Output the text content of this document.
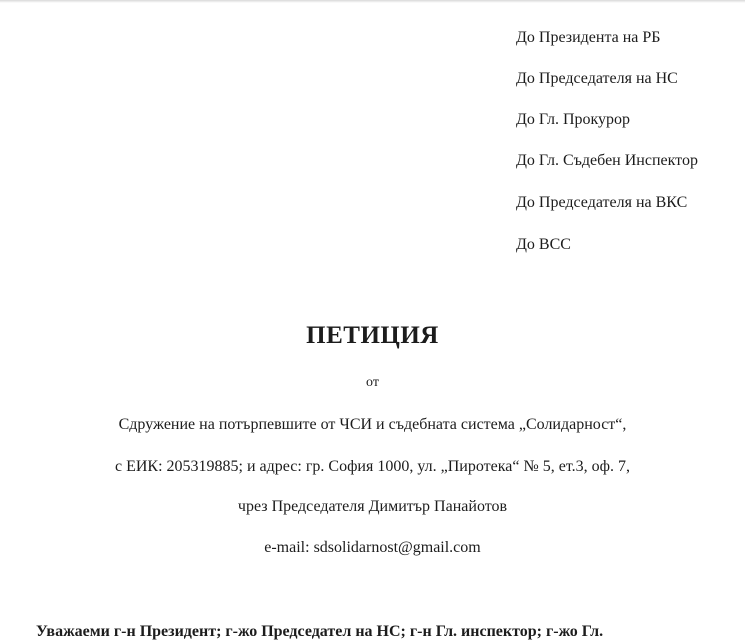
До Президента на РБ
До Председателя на НС
До Гл. Прокурор
До Гл. Съдебен Инспектор
До Председателя на ВКС
До ВСС
ПЕТИЦИЯ
от
Сдружение на потърпевшите от ЧСИ и съдебната система „Солидарност“,
с ЕИК: 205319885; и адрес: гр. София 1000, ул. „Пиротека“ № 5, ет.3, оф. 7,
чрез Председателя Димитър Панайотов
e-mail: sdsolidarnost@gmail.com
Уважаеми г-н Президент; г-жо Председател на НС; г-н Гл. инспектор; г-жо Гл.
